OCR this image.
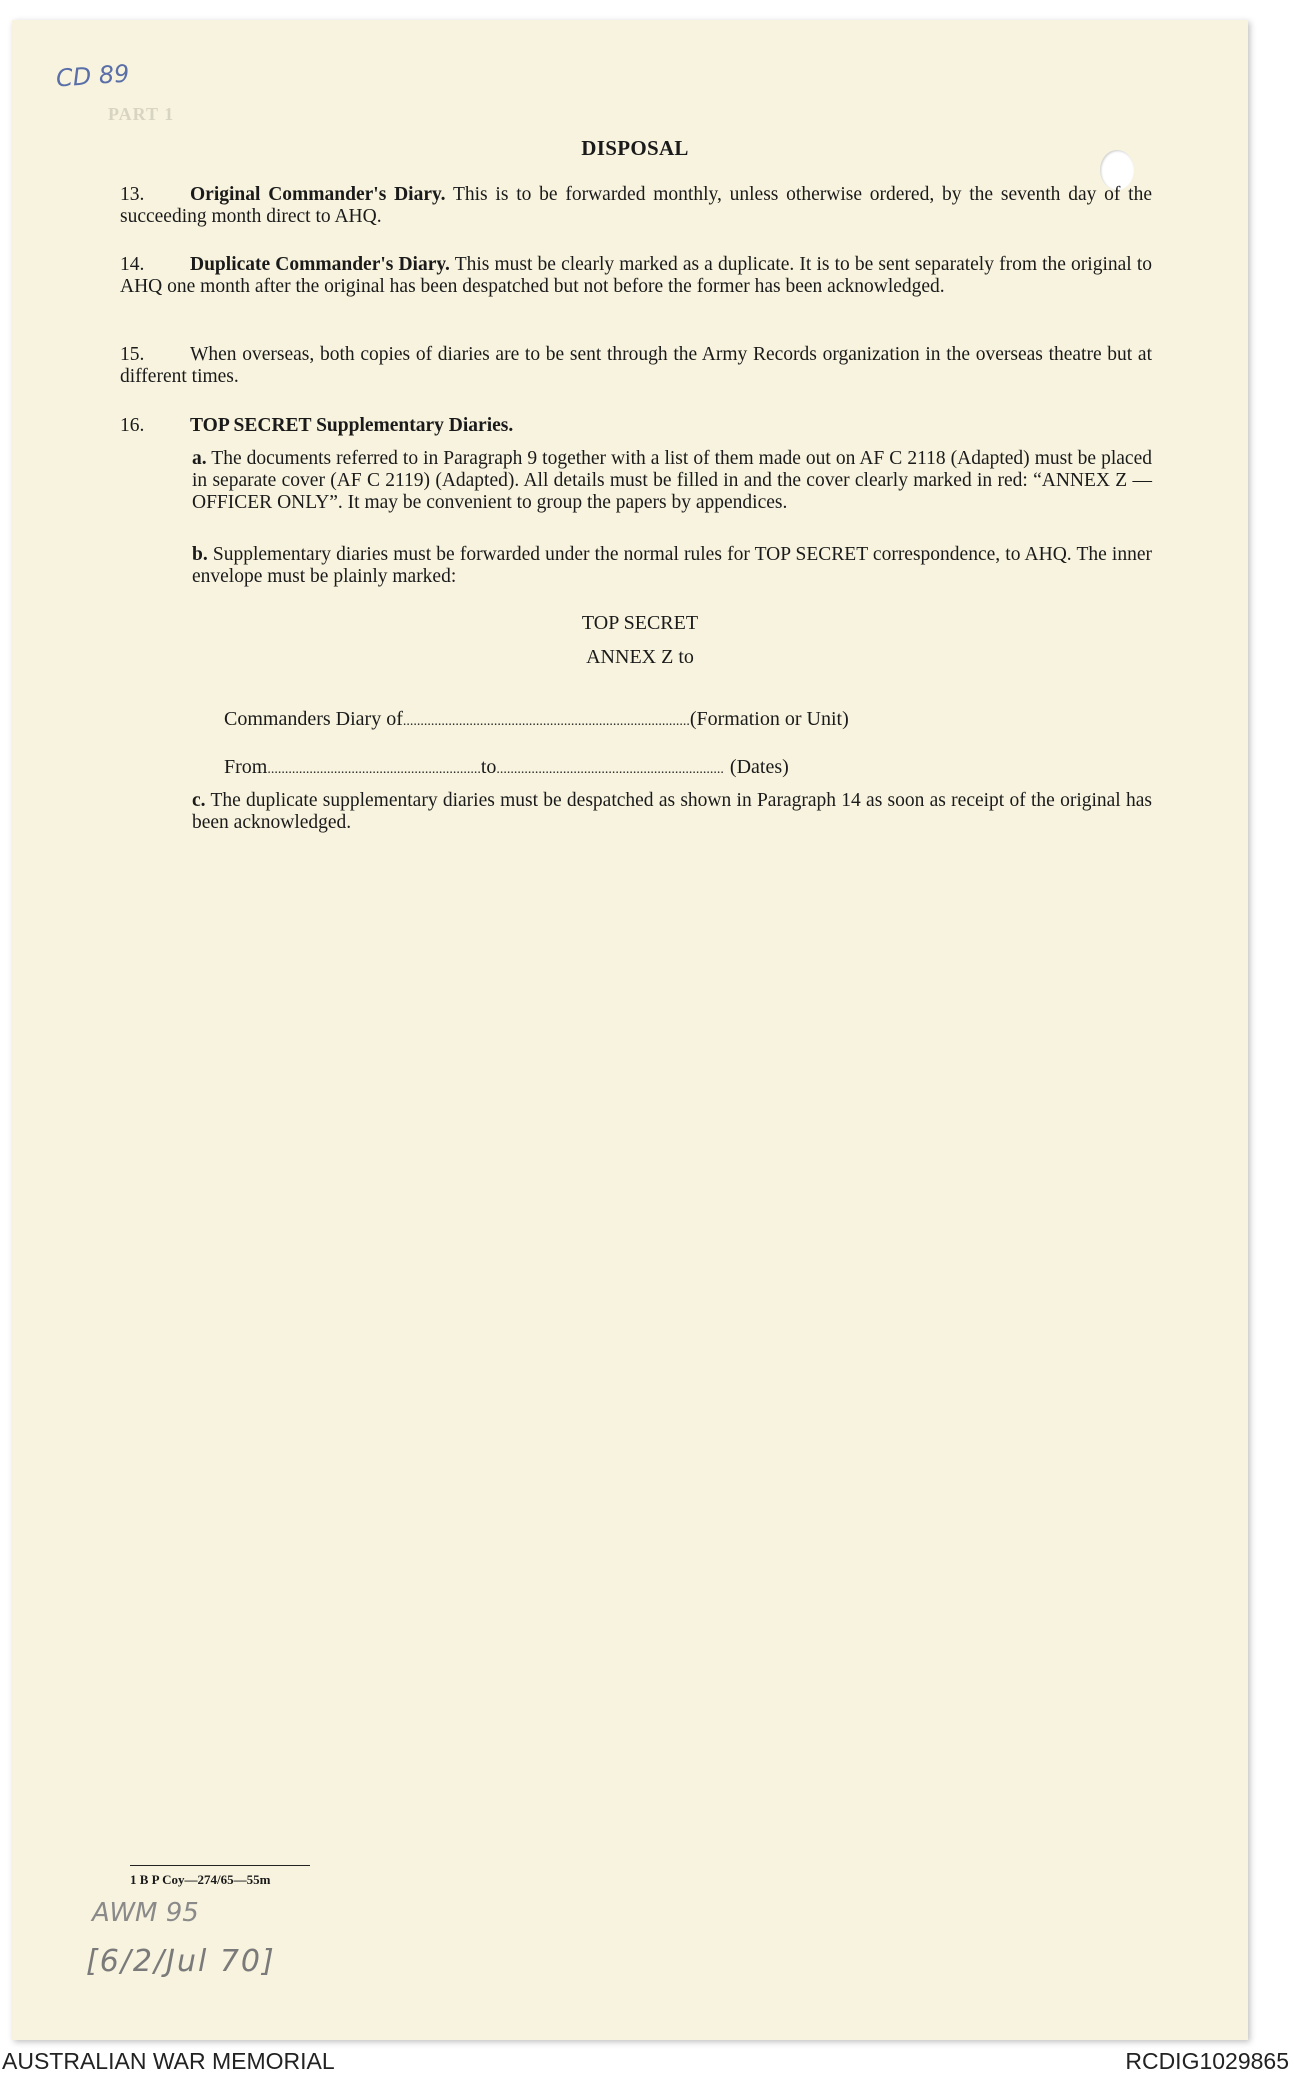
CD 89
PART 1
DISPOSAL
13. Original Commander's Diary. This is to be forwarded monthly, unless otherwise ordered, by the seventh day of the succeeding month direct to AHQ.
14. Duplicate Commander's Diary. This must be clearly marked as a duplicate. It is to be sent separately from the original to AHQ one month after the original has been despatched but not before the former has been acknowledged.
15. When overseas, both copies of diaries are to be sent through the Army Records organization in the overseas theatre but at different times.
16. TOP SECRET Supplementary Diaries.
a. The documents referred to in Paragraph 9 together with a list of them made out on AF C 2118 (Adapted) must be placed in separate cover (AF C 2119) (Adapted). All details must be filled in and the cover clearly marked in red: “ANNEX Z — OFFICER ONLY”. It may be convenient to group the papers by appendices.
b. Supplementary diaries must be forwarded under the normal rules for TOP SECRET correspondence, to AHQ. The inner envelope must be plainly marked:
TOP SECRET
ANNEX Z to
Commanders Diary of..................................................................................(Formation or Unit)
From.............................................................to................................................................. (Dates)
c. The duplicate supplementary diaries must be despatched as shown in Paragraph 14 as soon as receipt of the original has been acknowledged.
1 B P Coy—274/65—55m
AWM 95
[6/2/Jul 70]
AUSTRALIAN WAR MEMORIAL	RCDIG1029865
